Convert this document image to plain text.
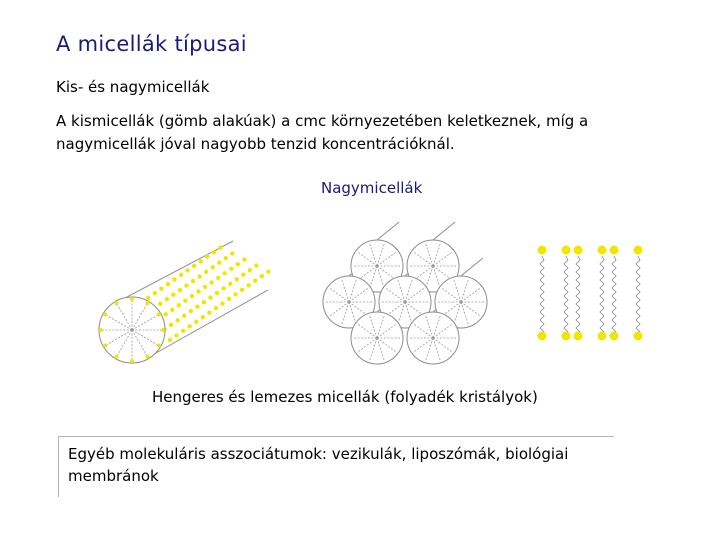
A micellák típusai

Kis- és nagymicellák

A kismicellák (gömb alakúak) a cmc környezetében keletkeznek, míg a

nagymicellák jóval nagyobb tenzid koncentrációknál.

Nagymicellák

Hengeres és lemezes micellák (folyadék kristályok)

Egyéb molekuláris asszociátumok: vezikulák, liposzómák, biológiai

membránok
